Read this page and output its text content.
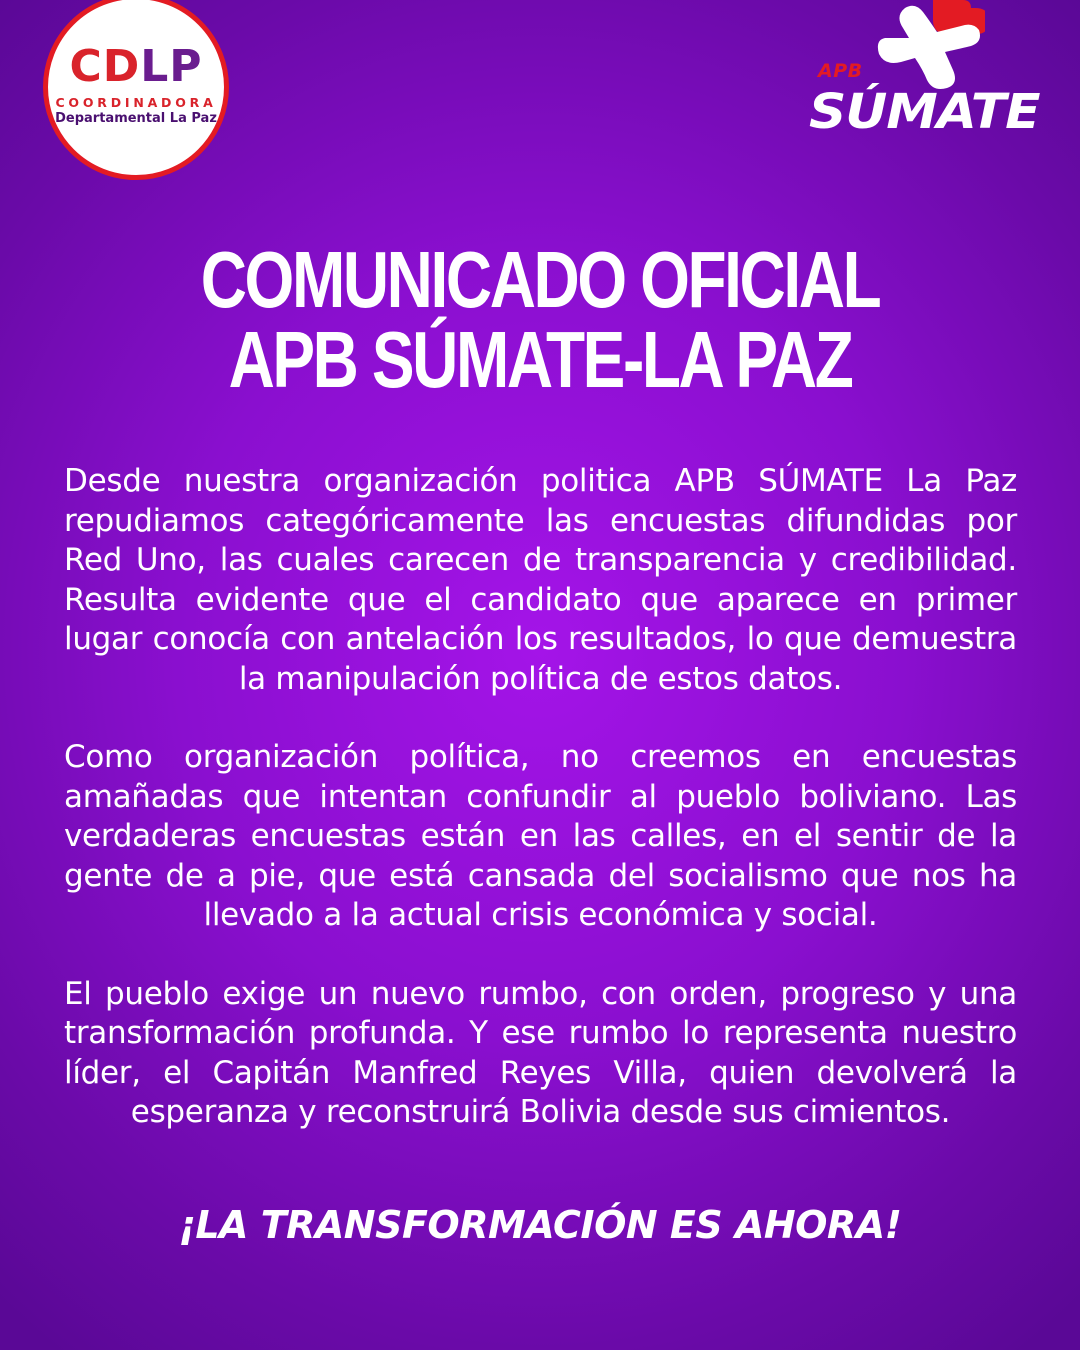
CDLP
COORDINADORA
Departamental La Paz
APB
SÚMATE
COMUNICADO OFICIAL
APB SÚMATE-LA PAZ

Desde nuestra organización politica APB SÚMATE La Paz repudiamos categóricamente las encuestas difundidas por Red Uno, las cuales carecen de transparencia y credibilidad. Resulta evidente que el candidato que aparece en primer lugar conocía con antelación los resultados, lo que demuestra la manipulación política de estos datos.

Como organización política, no creemos en encuestas amañadas que intentan confundir al pueblo boliviano. Las verdaderas encuestas están en las calles, en el sentir de la gente de a pie, que está cansada del socialismo que nos ha llevado a la actual crisis económica y social.

El pueblo exige un nuevo rumbo, con orden, progreso y una transformación profunda. Y ese rumbo lo representa nuestro líder, el Capitán Manfred Reyes Villa, quien devolverá la esperanza y reconstruirá Bolivia desde sus cimientos.

¡LA TRANSFORMACIÓN ES AHORA!
